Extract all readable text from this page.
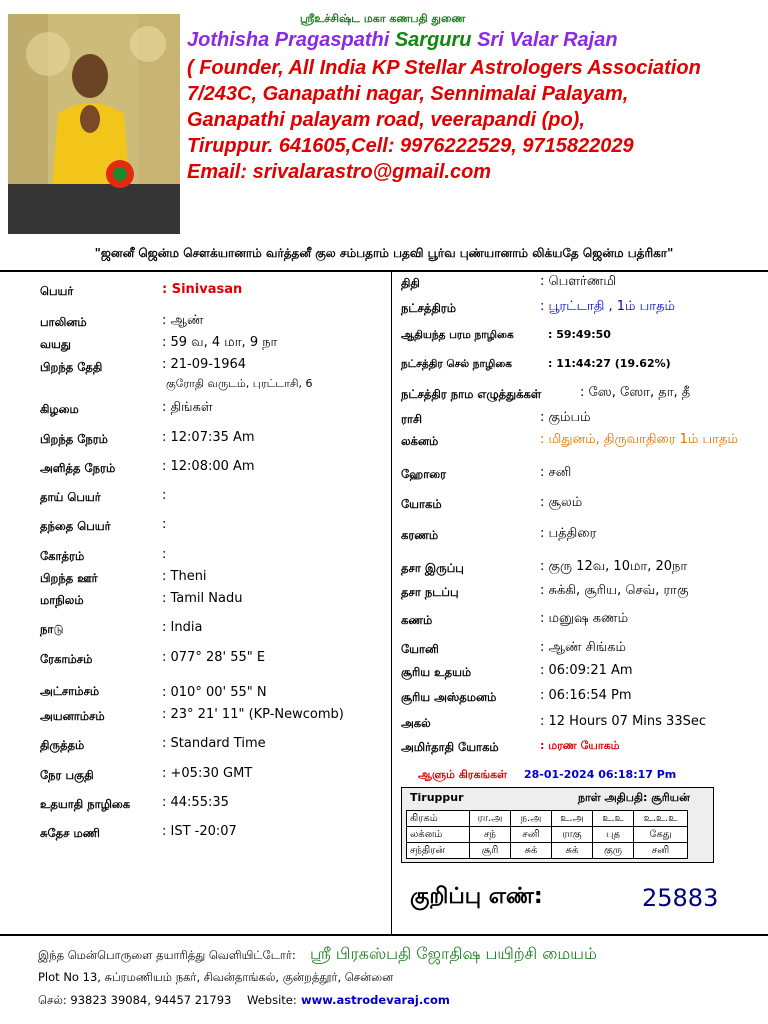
ஸ்ரீஉச்சிஷ்ட மகா கணபதி துணை
Jothisha Pragaspathi Sarguru Sri Valar Rajan
( Founder, All India KP Stellar Astrologers Association
7/243C, Ganapathi nagar, Sennimalai Palayam,
Ganapathi palayam road, veerapandi (po),
Tiruppur. 641605,Cell: 9976222529, 9715822029
Email: srivalarastro@gmail.com
"ஜனனீ ஜென்ம சௌக்யானாம் வர்த்தனீ குல சம்பதாம் பதவி பூர்வ புண்யானாம் லிக்யதே ஜென்ம பத்ரிகா"
பெயர்	: Sinivasan
பாலினம்	: ஆண்
வயது	: 59 வ, 4 மா, 9 நா
பிறந்த தேதி	: 21-09-1964
குரோதி வருடம், புரட்டாசி, 6
கிழமை	: திங்கள்
பிறந்த நேரம்	: 12:07:35 Am
அளித்த நேரம்	: 12:08:00 Am
தாய் பெயர்	:
தந்தை பெயர்	:
கோத்ரம்	:
பிறந்த ஊர்	: Theni
மாநிலம்	: Tamil Nadu
நாடு	: India
ரேகாம்சம்	: 077° 28' 55" E
அட்சாம்சம்	: 010° 00' 55" N
அயனாம்சம்	: 23° 21' 11" (KP-Newcomb)
திருத்தம்	: Standard Time
நேர பகுதி	: +05:30 GMT
உதயாதி நாழிகை : 44:55:35
சுதேச மணி	: IST -20:07
திதி	: பௌர்ணமி
நட்சத்திரம்	: பூரட்டாதி , 1ம் பாதம்
ஆதியந்த பரம நாழிகை	: 59:49:50
நட்சத்திர செல் நாழிகை	: 11:44:27 (19.62%)
நட்சத்திர நாம எழுத்துக்கள்	: ஸே, ஸோ, தா, தீ
ராசி	: கும்பம்
லக்னம்	: மிதுனம், திருவாதிரை 1ம் பாதம்
ஹோரை	: சனி
யோகம்	: சூலம்
கரணம்	: பத்திரை
தசா இருப்பு	: குரு 12வ, 10மா, 20நா
தசா நடப்பு	: சுக்கி, சூரிய, செவ், ராகு
கணம்	: மனுஷ கணம்
யோனி	: ஆண் சிங்கம்
சூரிய உதயம்	: 06:09:21 Am
சூரிய அஸ்தமனம்	: 06:16:54 Pm
அகல்	: 12 Hours 07 Mins 33Sec
அமிர்தாதி யோகம்	: மரண யோகம்
ஆளும் கிரகங்கள் 28-01-2024 06:18:17 Pm
Tiruppur	நாள் அதிபதி: சூரியன்
கிரகம்	ரா.அ	ந.அ	உ.அ	உ.உ	உ.உ.உ
லக்னம்	சந்	சனி	ராகு	புத	கேது
சந்திரன்	சூரி	சுக்	சுக்	குரு	சனி
குறிப்பு எண்:	25883
இந்த மென்பொருளை தயாரித்து வெளியிட்டோர்: ஸ்ரீ பிரகஸ்பதி ஜோதிஷ பயிற்சி மையம்
Plot No 13, சுப்ரமணியம் நகர், சிவன்தாங்கல், குன்றத்தூர், சென்னை
செல்: 93823 39084, 94457 21793 Website: www.astrodevaraj.com
